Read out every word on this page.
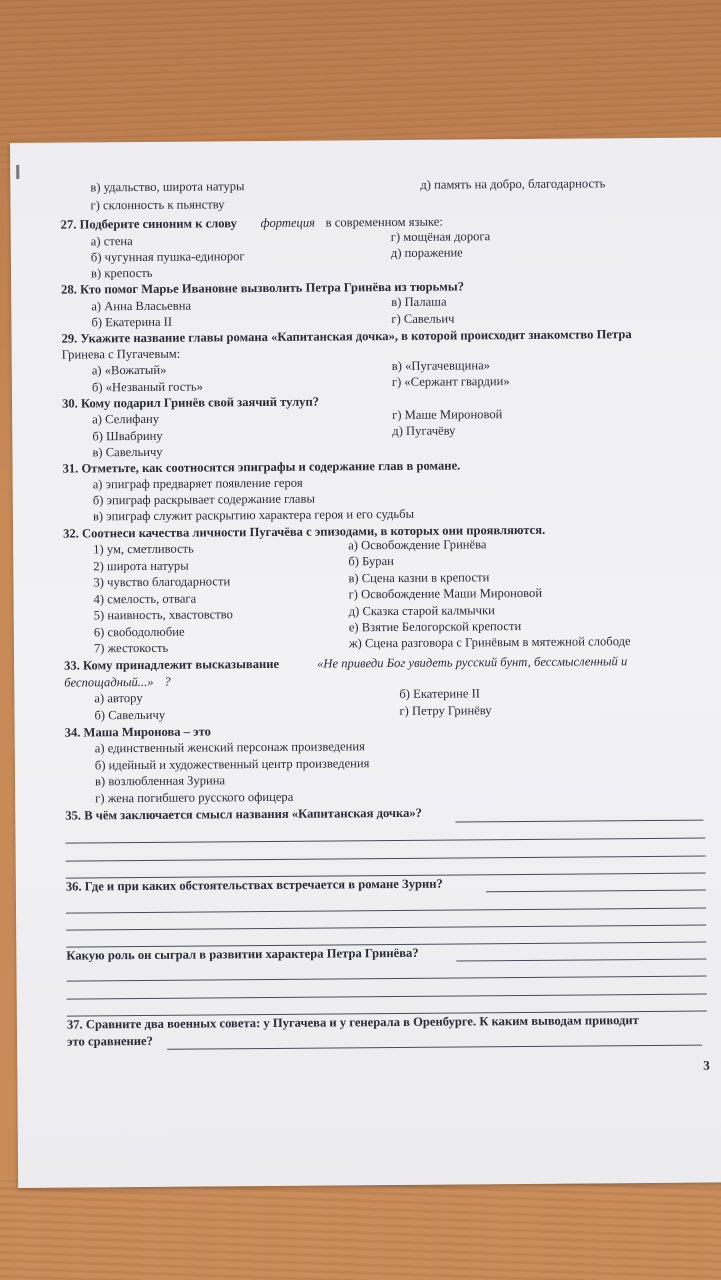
фортеция в современном языке:
«Не приведи Бог увидеть русский бунт, бессмысленный и
?
3
в) удальство, широта натуры	д) память на добро, благодарность
г) склонность к пьянству
27. Подберите синоним к слову
а) стена	г) мощёная дорога
б) чугунная пушка-единорог	д) поражение
в) крепость
28. Кто помог Марье Ивановне вызволить Петра Гринёва из тюрьмы?
а) Анна Власьевна	в) Палаша
б) Екатерина II	г) Савельич
29. Укажите название главы романа «Капитанская дочка», в которой происходит знакомство Петра
Гринева с Пугачевым:
а) «Вожатый»	в) «Пугачевщина»
б) «Незваный гость»	г) «Сержант гвардии»
30. Кому подарил Гринёв свой заячий тулуп?
а) Селифану	г) Маше Мироновой
б) Швабрину	д) Пугачёву
в) Савельичу
31. Отметьте, как соотносятся эпиграфы и содержание глав в романе.
а) эпиграф предваряет появление героя
б) эпиграф раскрывает содержание главы
в) эпиграф служит раскрытию характера героя и его судьбы
32. Соотнеси качества личности Пугачёва с эпизодами, в которых они проявляются.
1) ум, сметливость	а) Освобождение Гринёва
2) широта натуры	б) Буран
3) чувство благодарности	в) Сцена казни в крепости
4) смелость, отвага	г) Освобождение Маши Мироновой
5) наивность, хвастовство	д) Сказка старой калмычки
6) свободолюбие	е) Взятие Белогорской крепости
7) жестокость	ж) Сцена разговора с Гринёвым в мятежной слободе
33. Кому принадлежит высказывание
беспощадный...»
а) автору	б) Екатерине II
б) Савельичу	г) Петру Гринёву
34. Маша Миронова – это
а) единственный женский персонаж произведения
б) идейный и художественный центр произведения
в) возлюбленная Зурина
г) жена погибшего русского офицера
35. В чём заключается смысл названия «Капитанская дочка»?
36. Где и при каких обстоятельствах встречается в романе Зурин?
Какую роль он сыграл в развитии характера Петра Гринёва?
37. Сравните два военных совета: у Пугачева и у генерала в Оренбурге. К каким выводам приводит
это сравнение?
